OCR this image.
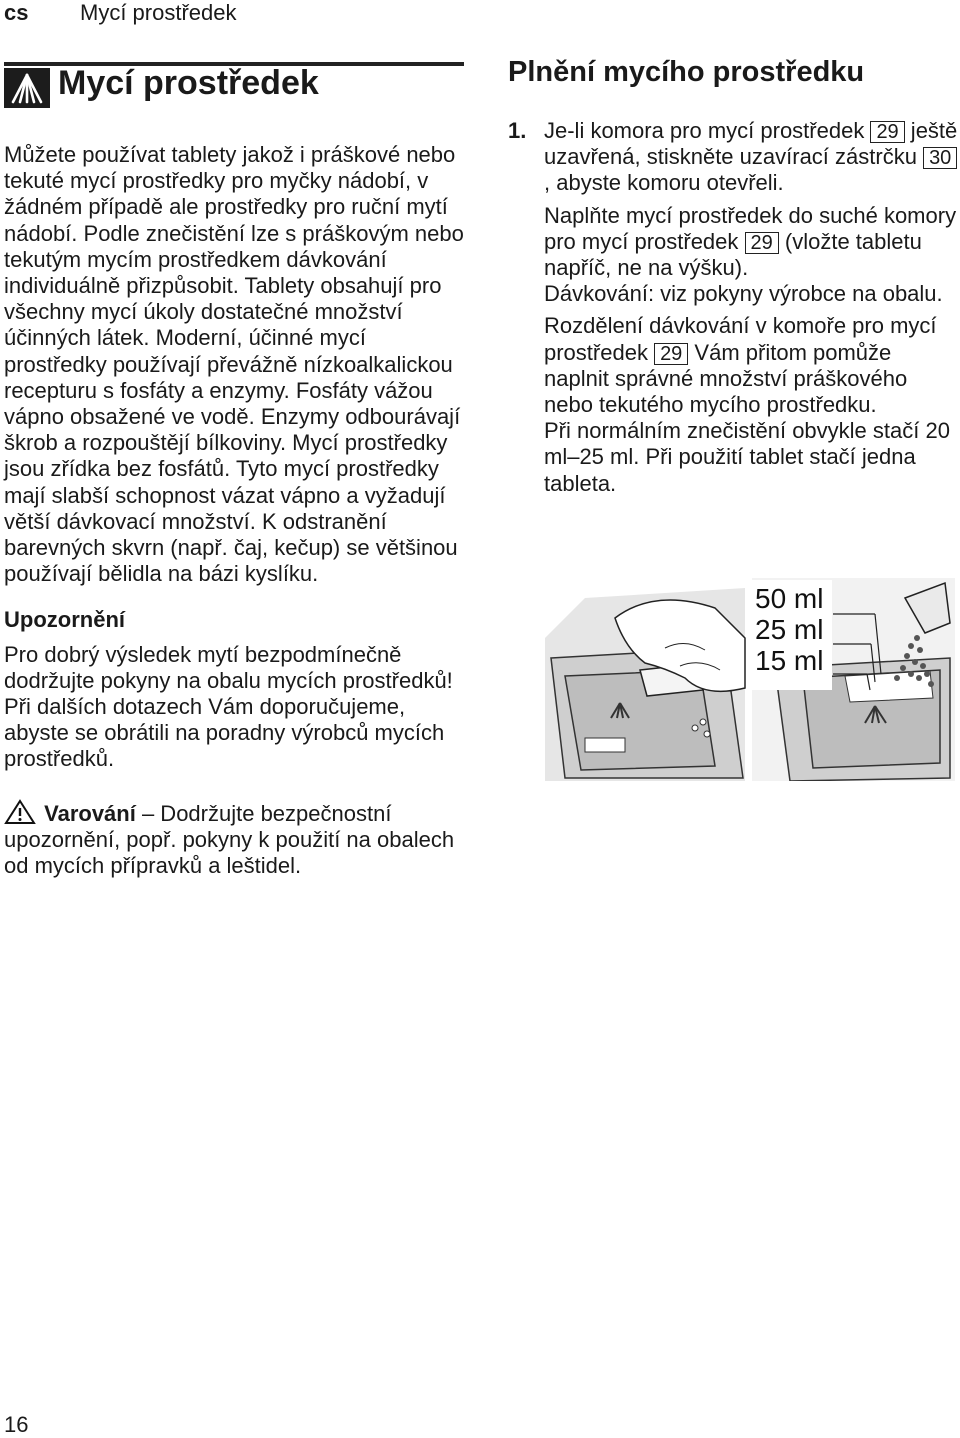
cs Mycí prostředek
Mycí prostředek

Můžete používat tablety jakož i práškové nebo tekuté mycí prostředky pro myčky nádobí, v žádném případě ale prostředky pro ruční mytí nádobí. Podle znečistění lze s práškovým nebo tekutým mycím prostředkem dávkování individuálně přizpůsobit. Tablety obsahují pro všechny mycí úkoly dostatečné množství účinných látek. Moderní, účinné mycí prostředky používají převážně nízkoalkalickou recepturu s fosfáty a enzymy. Fosfáty vážou vápno obsažené ve vodě. Enzymy odbourávají škrob a rozpouštějí bílkoviny. Mycí prostředky jsou zřídka bez fosfátů. Tyto mycí prostředky mají slabší schopnost vázat vápno a vyžadují větší dávkovací množství. K odstranění barevných skvrn (např. čaj, kečup) se většinou používají bělidla na bázi kyslíku.

Upozornění

Pro dobrý výsledek mytí bezpodmínečně dodržujte pokyny na obalu mycích prostředků!

Při dalších dotazech Vám doporučujeme, abyste se obrátili na poradny výrobců mycích prostředků.

Varování – Dodržujte bezpečnostní upozornění, popř. pokyny k použití na obalech od mycích přípravků a leštidel.

Plnění mycího prostředku
1. Je-li komora pro mycí prostředek 29 ještě uzavřená, stiskněte uzavírací zástrčku 30, abyste komoru otevřeli.

Naplňte mycí prostředek do suché komory pro mycí prostředek 29 (vložte tabletu napříč, ne na výšku).
Dávkování: viz pokyny výrobce na obalu.

Rozdělení dávkování v komoře pro mycí prostředek 29 Vám přitom pomůže naplnit správné množství práškového nebo tekutého mycího prostředku.
Při normálním znečistění obvykle stačí 20 ml–25 ml. Při použití tablet stačí jedna tableta.

50 ml
25 ml
15 ml
16
